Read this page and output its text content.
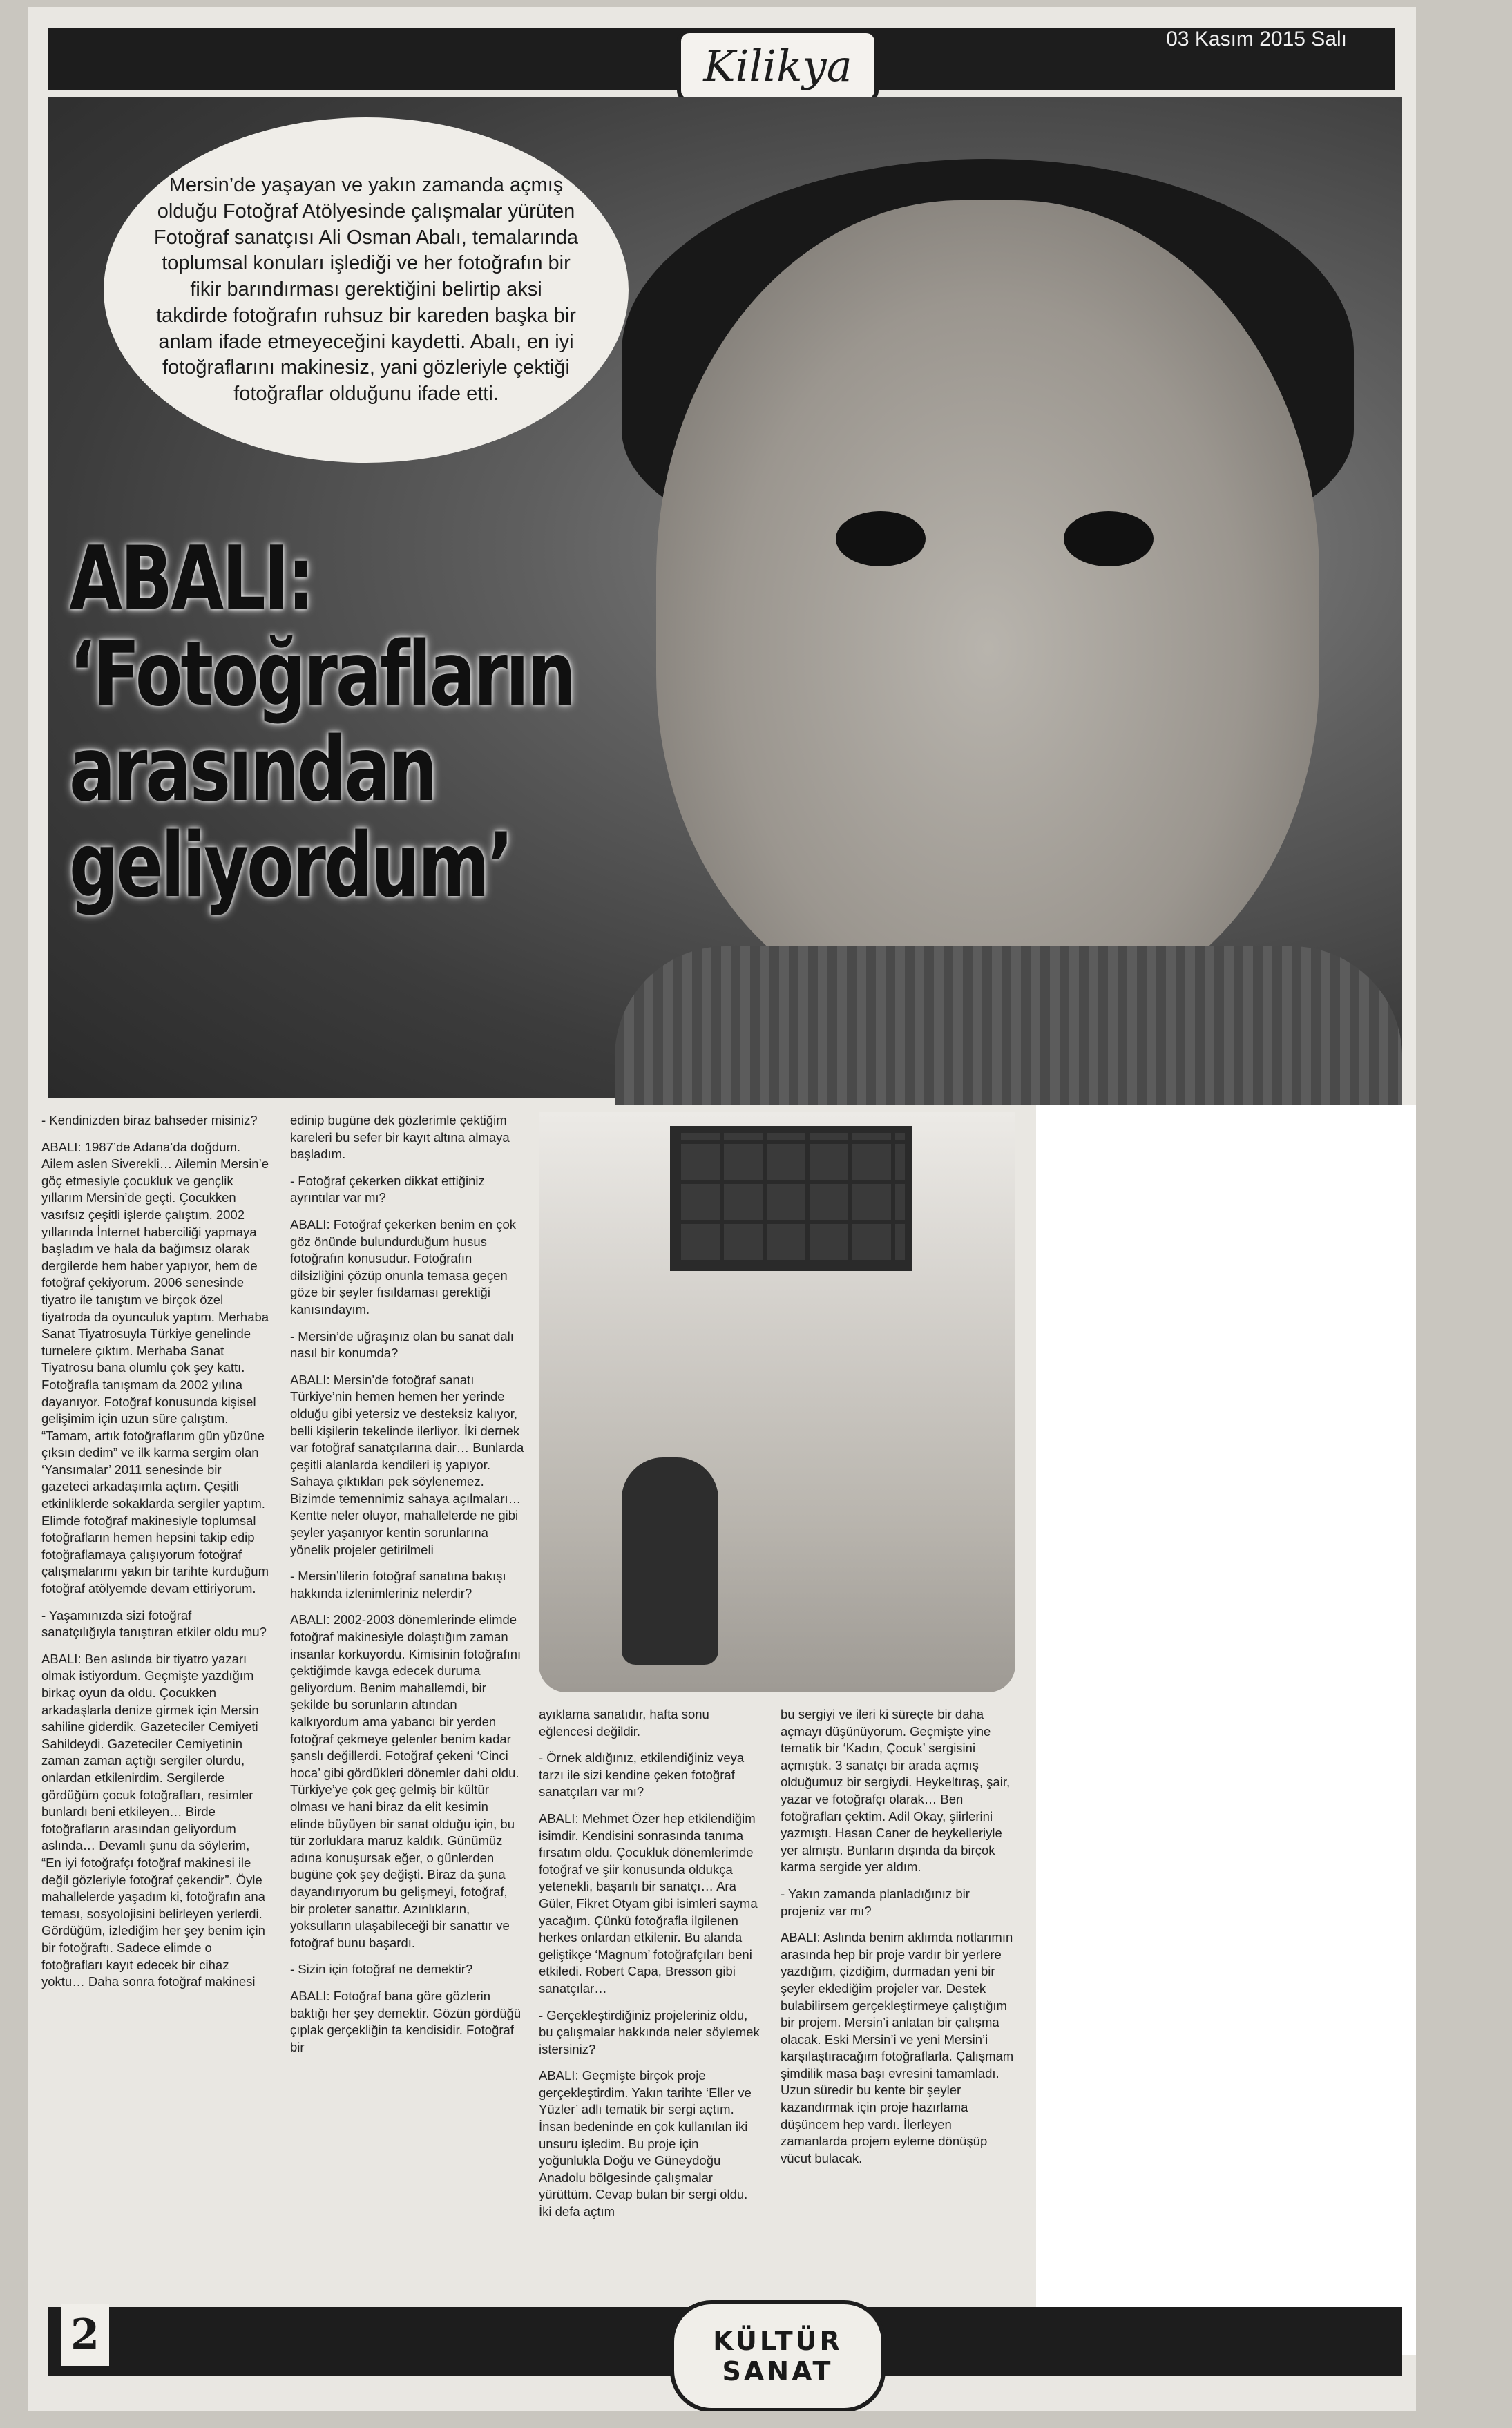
03 Kasım 2015 Salı
Kilikya
Mersin’de yaşayan ve yakın zamanda açmış olduğu Fotoğraf Atölyesinde çalışmalar yürüten Fotoğraf sanatçısı Ali Osman Abalı, temalarında toplumsal konuları işlediği ve her fotoğrafın bir fikir barındırması gerektiğini belirtip aksi takdirde fotoğrafın ruhsuz bir kareden başka bir anlam ifade etmeyeceğini kaydetti. Abalı, en iyi fotoğraflarını makinesiz, yani gözleriyle çektiği fotoğraflar olduğunu ifade etti.
ABALI:
‘Fotoğrafların
arasından
geliyordum’

- Kendinizden biraz bahseder misiniz?

ABALI: 1987’de Adana’da doğdum. Ailem aslen Siverekli… Ailemin Mersin’e göç etmesiyle çocukluk ve gençlik yıllarım Mersin’de geçti. Çocukken vasıfsız çeşitli işlerde çalıştım. 2002 yıllarında İnternet haberciliği yapmaya başladım ve hala da bağımsız olarak dergilerde hem haber yapıyor, hem de fotoğraf çekiyorum. 2006 senesinde tiyatro ile tanıştım ve birçok özel tiyatroda da oyunculuk yaptım. Merhaba Sanat Tiyatrosuyla Türkiye genelinde turnelere çıktım. Merhaba Sanat Tiyatrosu bana olumlu çok şey kattı. Fotoğrafla tanışmam da 2002 yılına dayanıyor. Fotoğraf konusunda kişisel gelişimim için uzun süre çalıştım. “Tamam, artık fotoğraflarım gün yüzüne çıksın dedim” ve ilk karma sergim olan ‘Yansımalar’ 2011 senesinde bir gazeteci arkadaşımla açtım. Çeşitli etkinliklerde sokaklarda sergiler yaptım. Elimde fotoğraf makinesiyle toplumsal fotoğrafların hemen hepsini takip edip fotoğraflamaya çalışıyorum fotoğraf çalışmalarımı yakın bir tarihte kurduğum fotoğraf atölyemde devam ettiriyorum.

- Yaşamınızda sizi fotoğraf sanatçılığıyla tanıştıran etkiler oldu mu?

ABALI: Ben aslında bir tiyatro yazarı olmak istiyordum. Geçmişte yazdığım birkaç oyun da oldu. Çocukken arkadaşlarla denize girmek için Mersin sahiline giderdik. Gazeteciler Cemiyeti Sahildeydi. Gazeteciler Cemiyetinin zaman zaman açtığı sergiler olurdu, onlardan etkilenirdim. Sergilerde gördüğüm çocuk fotoğrafları, resimler bunlardı beni etkileyen… Birde fotoğrafların arasından geliyordum aslında… Devamlı şunu da söylerim, “En iyi fotoğrafçı fotoğraf makinesi ile değil gözleriyle fotoğraf çekendir”. Öyle mahallelerde yaşadım ki, fotoğrafın ana teması, sosyolojisini belirleyen yerlerdi. Gördüğüm, izlediğim her şey benim için bir fotoğraftı. Sadece elimde o fotoğrafları kayıt edecek bir cihaz yoktu… Daha sonra fotoğraf makinesi

edinip bugüne dek gözlerimle çektiğim kareleri bu sefer bir kayıt altına almaya başladım.

- Fotoğraf çekerken dikkat ettiğiniz ayrıntılar var mı?

ABALI: Fotoğraf çekerken benim en çok göz önünde bulundurduğum husus fotoğrafın konusudur. Fotoğrafın dilsizliğini çözüp onunla temasa geçen göze bir şeyler fısıldaması gerektiği kanısındayım.

- Mersin’de uğraşınız olan bu sanat dalı nasıl bir konumda?

ABALI: Mersin’de fotoğraf sanatı Türkiye’nin hemen hemen her yerinde olduğu gibi yetersiz ve desteksiz kalıyor, belli kişilerin tekelinde ilerliyor. İki dernek var fotoğraf sanatçılarına dair… Bunlarda çeşitli alanlarda kendileri iş yapıyor. Sahaya çıktıkları pek söylenemez. Bizimde temennimiz sahaya açılmaları… Kentte neler oluyor, mahallelerde ne gibi şeyler yaşanıyor kentin sorunlarına yönelik projeler getirilmeli

- Mersin’lilerin fotoğraf sanatına bakışı hakkında izlenimleriniz nelerdir?

ABALI: 2002-2003 dönemlerinde elimde fotoğraf makinesiyle dolaştığım zaman insanlar korkuyordu. Kimisinin fotoğrafını çektiğimde kavga edecek duruma geliyordum. Benim mahallemdi, bir şekilde bu sorunların altından kalkıyordum ama yabancı bir yerden fotoğraf çekmeye gelenler benim kadar şanslı değillerdi. Fotoğraf çekeni ‘Cinci hoca’ gibi gördükleri dönemler dahi oldu. Türkiye’ye çok geç gelmiş bir kültür olması ve hani biraz da elit kesimin elinde büyüyen bir sanat olduğu için, bu tür zorluklara maruz kaldık. Günümüz adına konuşursak eğer, o günlerden bugüne çok şey değişti. Biraz da şuna dayandırıyorum bu gelişmeyi, fotoğraf, bir proleter sanattır. Azınlıkların, yoksulların ulaşabileceği bir sanattır ve fotoğraf bunu başardı.

- Sizin için fotoğraf ne demektir?

ABALI: Fotoğraf bana göre gözlerin baktığı her şey demektir. Gözün gördüğü çıplak gerçekliğin ta kendisidir. Fotoğraf bir

ayıklama sanatıdır, hafta sonu eğlencesi değildir.

- Örnek aldığınız, etkilendiğiniz veya tarzı ile sizi kendine çeken fotoğraf sanatçıları var mı?

ABALI: Mehmet Özer hep etkilendiğim isimdir. Kendisini sonrasında tanıma fırsatım oldu. Çocukluk dönemlerimde fotoğraf ve şiir konusunda oldukça yetenekli, başarılı bir sanatçı… Ara Güler, Fikret Otyam gibi isimleri sayma yacağım. Çünkü fotoğrafla ilgilenen herkes onlardan etkilenir. Bu alanda geliştikçe ‘Magnum’ fotoğrafçıları beni etkiledi. Robert Capa, Bresson gibi sanatçılar…

- Gerçekleştirdiğiniz projeleriniz oldu, bu çalışmalar hakkında neler söylemek istersiniz?

ABALI: Geçmişte birçok proje gerçekleştirdim. Yakın tarihte ‘Eller ve Yüzler’ adlı tematik bir sergi açtım. İnsan bedeninde en çok kullanılan iki unsuru işledim. Bu proje için yoğunlukla Doğu ve Güneydoğu Anadolu bölgesinde çalışmalar yürüttüm. Cevap bulan bir sergi oldu. İki defa açtım

bu sergiyi ve ileri ki süreçte bir daha açmayı düşünüyorum. Geçmişte yine tematik bir ‘Kadın, Çocuk’ sergisini açmıştık. 3 sanatçı bir arada açmış olduğumuz bir sergiydi. Heykeltıraş, şair, yazar ve fotoğrafçı olarak… Ben fotoğrafları çektim. Adil Okay, şiirlerini yazmıştı. Hasan Caner de heykelleriyle yer almıştı. Bunların dışında da birçok karma sergide yer aldım.

- Yakın zamanda planladığınız bir projeniz var mı?

ABALI: Aslında benim aklımda notlarımın arasında hep bir proje vardır bir yerlere yazdığım, çizdiğim, durmadan yeni bir şeyler eklediğim projeler var. Destek bulabilirsem gerçekleştirmeye çalıştığım bir projem. Mersin’i anlatan bir çalışma olacak. Eski Mersin’i ve yeni Mersin’i karşılaştıracağım fotoğraflarla. Çalışmam şimdilik masa başı evresini tamamladı. Uzun süredir bu kente bir şeyler kazandırmak için proje hazırlama düşüncem hep vardı. İlerleyen zamanlarda projem eyleme dönüşüp vücut bulacak.

2	KÜLTÜR
SANAT
